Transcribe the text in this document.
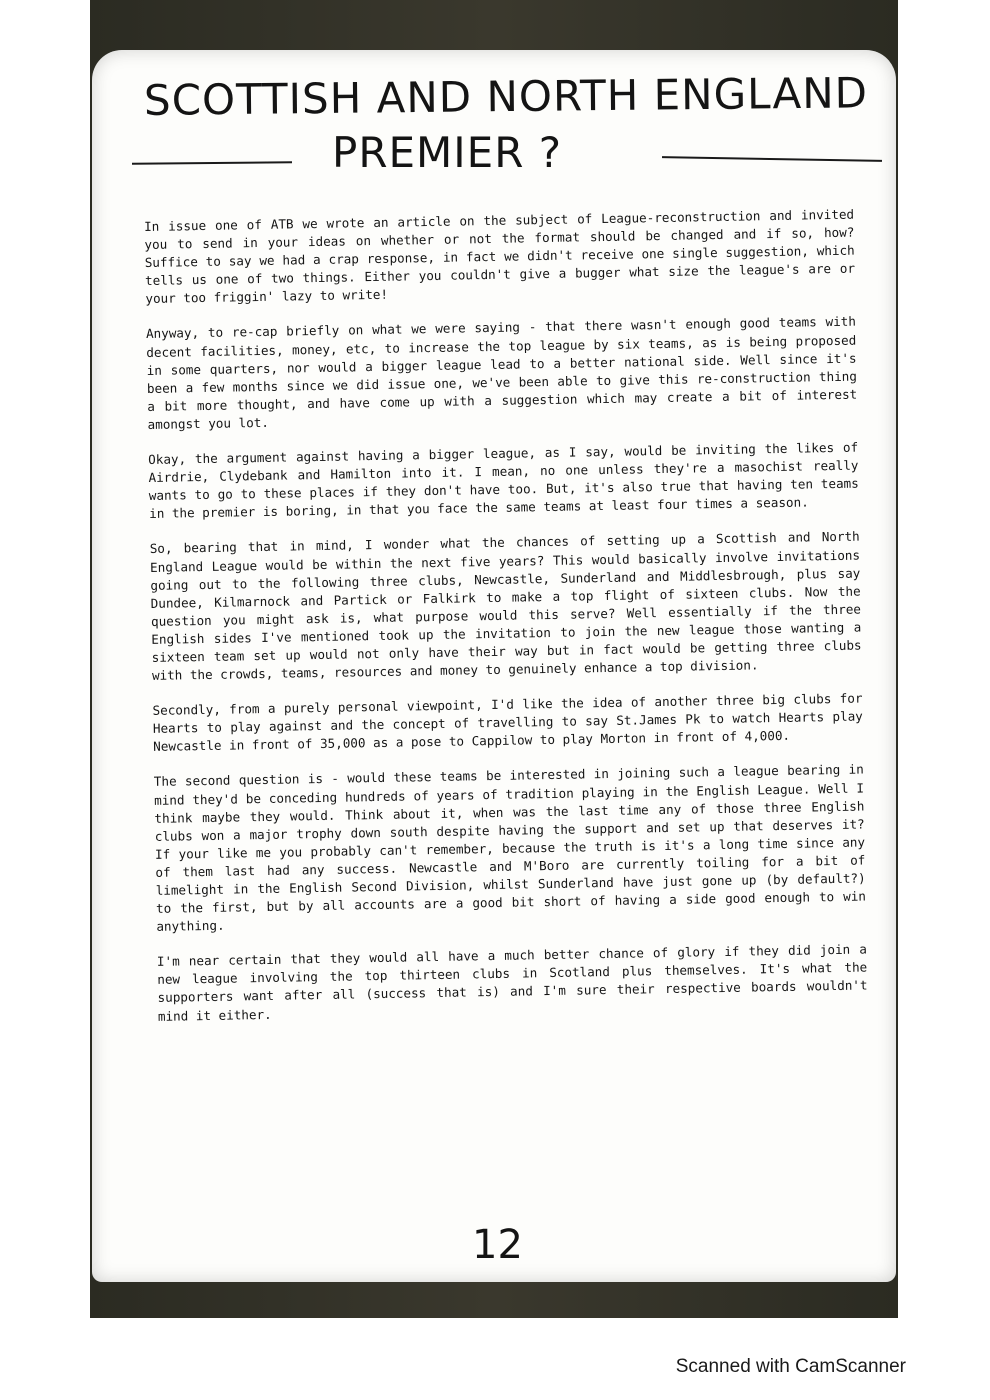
SCOTTISH AND NORTH ENGLAND
PREMIER ?

In issue one of ATB we wrote an article on the subject of League-reconstruction and invited you to send in your ideas on whether or not the format should be changed and if so, how? Suffice to say we had a crap response, in fact we didn't receive one single suggestion, which tells us one of two things. Either you couldn't give a bugger what size the league's are or your too friggin' lazy to write!

Anyway, to re-cap briefly on what we were saying - that there wasn't enough good teams with decent facilities, money, etc, to increase the top league by six teams, as is being proposed in some quarters, nor would a bigger league lead to a better national side. Well since it's been a few months since we did issue one, we've been able to give this re-construction thing a bit more thought, and have come up with a suggestion which may create a bit of interest amongst you lot.

Okay, the argument against having a bigger league, as I say, would be inviting the likes of Airdrie, Clydebank and Hamilton into it. I mean, no one unless they're a masochist really wants to go to these places if they don't have too. But, it's also true that having ten teams in the premier is boring, in that you face the same teams at least four times a season.

So, bearing that in mind, I wonder what the chances of setting up a Scottish and North England League would be within the next five years? This would basically involve invitations going out to the following three clubs, Newcastle, Sunderland and Middlesbrough, plus say Dundee, Kilmarnock and Partick or Falkirk to make a top flight of sixteen clubs. Now the question you might ask is, what purpose would this serve? Well essentially if the three English sides I've mentioned took up the invitation to join the new league those wanting a sixteen team set up would not only have their way but in fact would be getting three clubs with the crowds, teams, resources and money to genuinely enhance a top division.

Secondly, from a purely personal viewpoint, I'd like the idea of another three big clubs for Hearts to play against and the concept of travelling to say St.James Pk to watch Hearts play Newcastle in front of 35,000 as a pose to Cappilow to play Morton in front of 4,000.

The second question is - would these teams be interested in joining such a league bearing in mind they'd be conceding hundreds of years of tradition playing in the English League. Well I think maybe they would. Think about it, when was the last time any of those three English clubs won a major trophy down south despite having the support and set up that deserves it? If your like me you probably can't remember, because the truth is it's a long time since any of them last had any success. Newcastle and M'Boro are currently toiling for a bit of limelight in the English Second Division, whilst Sunderland have just gone up (by default?) to the first, but by all accounts are a good bit short of having a side good enough to win anything.

I'm near certain that they would all have a much better chance of glory if they did join a new league involving the top thirteen clubs in Scotland plus themselves. It's what the supporters want after all (success that is) and I'm sure their respective boards wouldn't mind it either.

12
Scanned with CamScanner
